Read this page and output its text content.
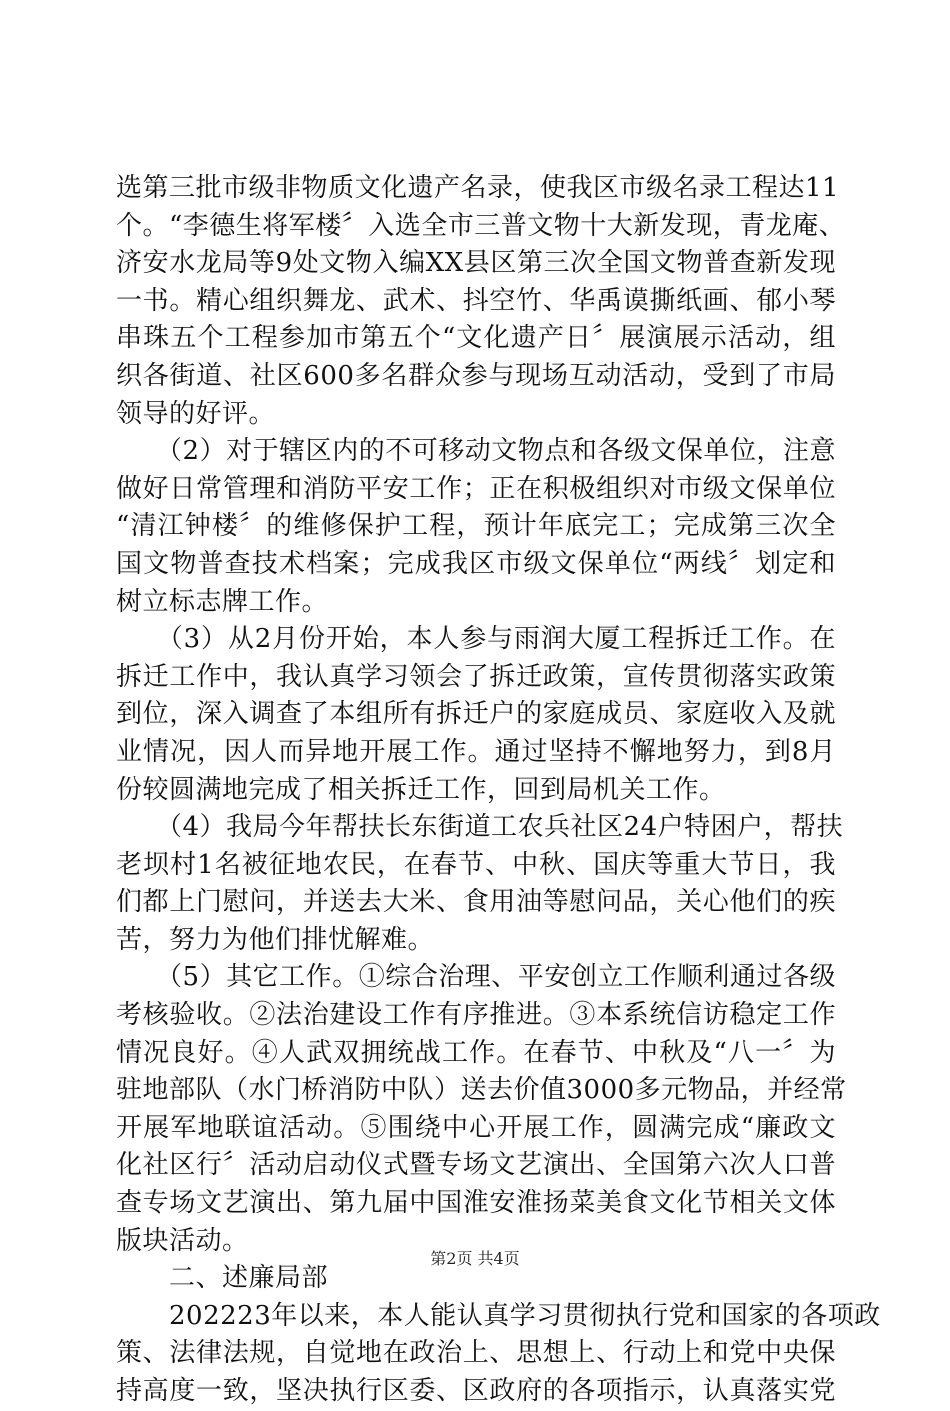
选第三批市级非物质文化遗产名录，使我区市级名录工程达11
个。“李德生将军楼〞入选全市三普文物十大新发现，青龙庵、
济安水龙局等9处文物入编XX县区第三次全国文物普查新发现
一书。精心组织舞龙、武术、抖空竹、华禹谟撕纸画、郁小琴
串珠五个工程参加市第五个“文化遗产日〞展演展示活动，组
织各街道、社区600多名群众参与现场互动活动，受到了市局
领导的好评。
　　（2）对于辖区内的不可移动文物点和各级文保单位，注意
做好日常管理和消防平安工作；正在积极组织对市级文保单位
“清江钟楼〞的维修保护工程，预计年底完工；完成第三次全
国文物普查技术档案；完成我区市级文保单位“两线〞划定和
树立标志牌工作。
　　（3）从2月份开始，本人参与雨润大厦工程拆迁工作。在
拆迁工作中，我认真学习领会了拆迁政策，宣传贯彻落实政策
到位，深入调查了本组所有拆迁户的家庭成员、家庭收入及就
业情况，因人而异地开展工作。通过坚持不懈地努力，到8月
份较圆满地完成了相关拆迁工作，回到局机关工作。
　　（4）我局今年帮扶长东街道工农兵社区24户特困户，帮扶
老坝村1名被征地农民，在春节、中秋、国庆等重大节日，我
们都上门慰问，并送去大米、食用油等慰问品，关心他们的疾
苦，努力为他们排忧解难。
　　（5）其它工作。①综合治理、平安创立工作顺利通过各级
考核验收。②法治建设工作有序推进。③本系统信访稳定工作
情况良好。④人武双拥统战工作。在春节、中秋及“八一〞为
驻地部队（水门桥消防中队）送去价值3000多元物品，并经常
开展军地联谊活动。⑤围绕中心开展工作，圆满完成“廉政文
化社区行〞活动启动仪式暨专场文艺演出、全国第六次人口普
查专场文艺演出、第九届中国淮安淮扬菜美食文化节相关文体
版块活动。
　　二、述廉局部
　　202223年以来，本人能认真学习贯彻执行党和国家的各项政
策、法律法规，自觉地在政治上、思想上、行动上和党中央保
持高度一致，坚决执行区委、区政府的各项指示，认真落实党
第2页 共4页
